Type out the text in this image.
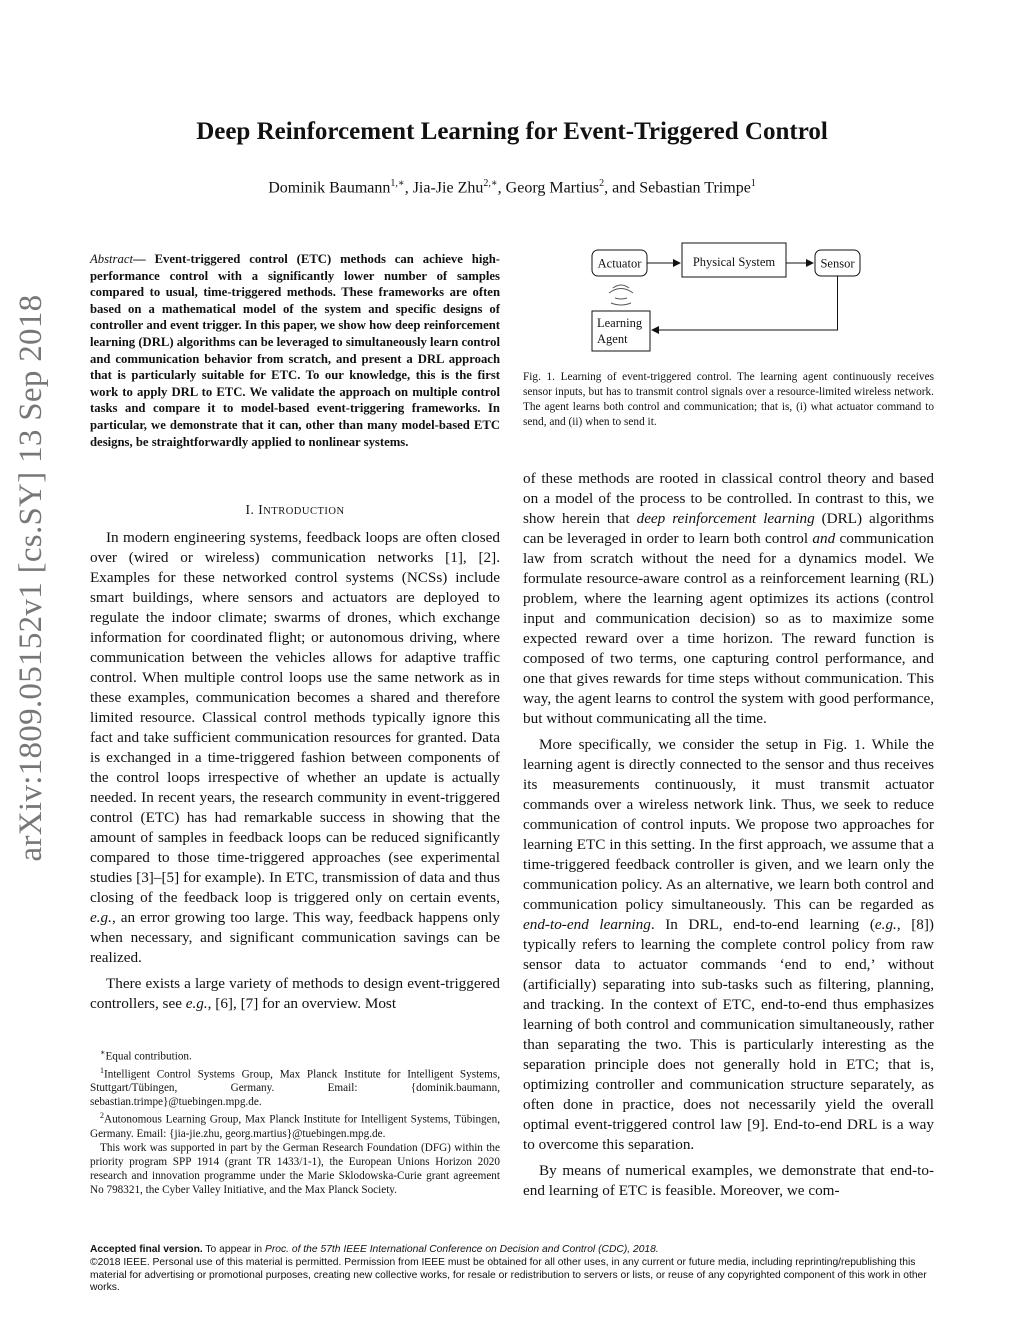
arXiv:1809.05152v1 [cs.SY] 13 Sep 2018
Deep Reinforcement Learning for Event-Triggered Control
Dominik Baumann$^{1,∗}$, Jia-Jie Zhu$^{2,∗}$, Georg Martius$^2$, and Sebastian Trimpe$^1$
Abstract— Event-triggered control (ETC) methods can achieve high-performance control with a significantly lower number of samples compared to usual, time-triggered methods. These frameworks are often based on a mathematical model of the system and specific designs of controller and event trigger. In this paper, we show how deep reinforcement learning (DRL) algorithms can be leveraged to simultaneously learn control and communication behavior from scratch, and present a DRL approach that is particularly suitable for ETC. To our knowledge, this is the first work to apply DRL to ETC. We validate the approach on multiple control tasks and compare it to model-based event-triggering frameworks. In particular, we demonstrate that it can, other than many model-based ETC designs, be straightforwardly applied to nonlinear systems.
I. INTRODUCTION

In modern engineering systems, feedback loops are often closed over (wired or wireless) communication networks [1], [2]. Examples for these networked control systems (NCSs) include smart buildings, where sensors and actuators are deployed to regulate the indoor climate; swarms of drones, which exchange information for coordinated flight; or autonomous driving, where communication between the vehicles allows for adaptive traffic control. When multiple control loops use the same network as in these examples, communication becomes a shared and therefore limited resource. Classical control methods typically ignore this fact and take sufficient communication resources for granted. Data is exchanged in a time-triggered fashion between components of the control loops irrespective of whether an update is actually needed. In recent years, the research community in event-triggered control (ETC) has had remarkable success in showing that the amount of samples in feedback loops can be reduced significantly compared to those time-triggered approaches (see experimental studies [3]–[5] for example). In ETC, transmission of data and thus closing of the feedback loop is triggered only on certain events, e.g., an error growing too large. This way, feedback happens only when necessary, and significant communication savings can be realized.

There exists a large variety of methods to design event-triggered controllers, see e.g., [6], [7] for an overview. Most

∗Equal contribution.
$^1$Intelligent Control Systems Group, Max Planck Institute for Intelligent Systems, Stuttgart/Tübingen, Germany. Email: {dominik.baumann, sebastian.trimpe}@tuebingen.mpg.de.
$^2$Autonomous Learning Group, Max Planck Institute for Intelligent Systems, Tübingen, Germany. Email: {jia-jie.zhu, georg.martius}@tuebingen.mpg.de.
This work was supported in part by the German Research Foundation (DFG) within the priority program SPP 1914 (grant TR 1433/1-1), the European Unions Horizon 2020 research and innovation programme under the Marie Sklodowska-Curie grant agreement No 798321, the Cyber Valley Initiative, and the Max Planck Society.
Actuator	Physical System	Sensor
Learning
Agent
Fig. 1. Learning of event-triggered control. The learning agent continuously receives sensor inputs, but has to transmit control signals over a resource-limited wireless network. The agent learns both control and communication; that is, (i) what actuator command to send, and (ii) when to send it.

of these methods are rooted in classical control theory and based on a model of the process to be controlled. In contrast to this, we show herein that deep reinforcement learning (DRL) algorithms can be leveraged in order to learn both control and communication law from scratch without the need for a dynamics model. We formulate resource-aware control as a reinforcement learning (RL) problem, where the learning agent optimizes its actions (control input and communication decision) so as to maximize some expected reward over a time horizon. The reward function is composed of two terms, one capturing control performance, and one that gives rewards for time steps without communication. This way, the agent learns to control the system with good performance, but without communicating all the time.

More specifically, we consider the setup in Fig. 1. While the learning agent is directly connected to the sensor and thus receives its measurements continuously, it must transmit actuator commands over a wireless network link. Thus, we seek to reduce communication of control inputs. We propose two approaches for learning ETC in this setting. In the first approach, we assume that a time-triggered feedback controller is given, and we learn only the communication policy. As an alternative, we learn both control and communication policy simultaneously. This can be regarded as end-to-end learning. In DRL, end-to-end learning (e.g., [8]) typically refers to learning the complete control policy from raw sensor data to actuator commands ‘end to end,’ without (artificially) separating into sub-tasks such as filtering, planning, and tracking. In the context of ETC, end-to-end thus emphasizes learning of both control and communication simultaneously, rather than separating the two. This is particularly interesting as the separation principle does not generally hold in ETC; that is, optimizing controller and communication structure separately, as often done in practice, does not necessarily yield the overall optimal event-triggered control law [9]. End-to-end DRL is a way to overcome this separation.

By means of numerical examples, we demonstrate that end-to-end learning of ETC is feasible. Moreover, we com-

Accepted final version. To appear in Proc. of the 57th IEEE International Conference on Decision and Control (CDC), 2018.
©2018 IEEE. Personal use of this material is permitted. Permission from IEEE must be obtained for all other uses, in any current or future media, including reprinting/republishing this material for advertising or promotional purposes, creating new collective works, for resale or redistribution to servers or lists, or reuse of any copyrighted component of this work in other works.
